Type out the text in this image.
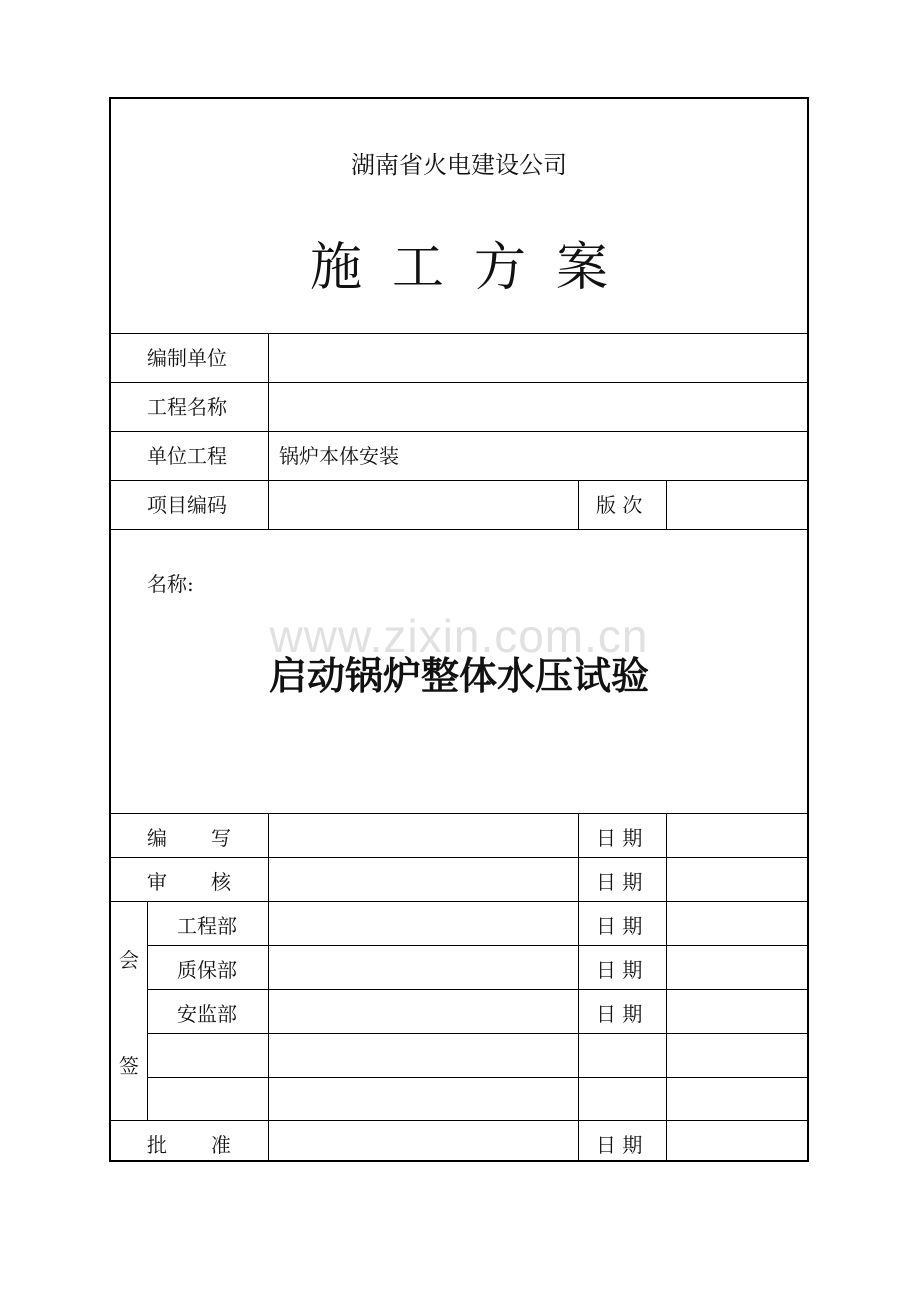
湖南省火电建设公司
施工方案
编制单位
工程名称
单位工程	锅炉本体安装
项目编码	版 次
名称:
www.zixin.com.cn
启动锅炉整体水压试验
编　写	日 期
审　核	日 期
会
签
工程部	日 期
质保部	日 期
安监部	日 期
批　准	日 期
